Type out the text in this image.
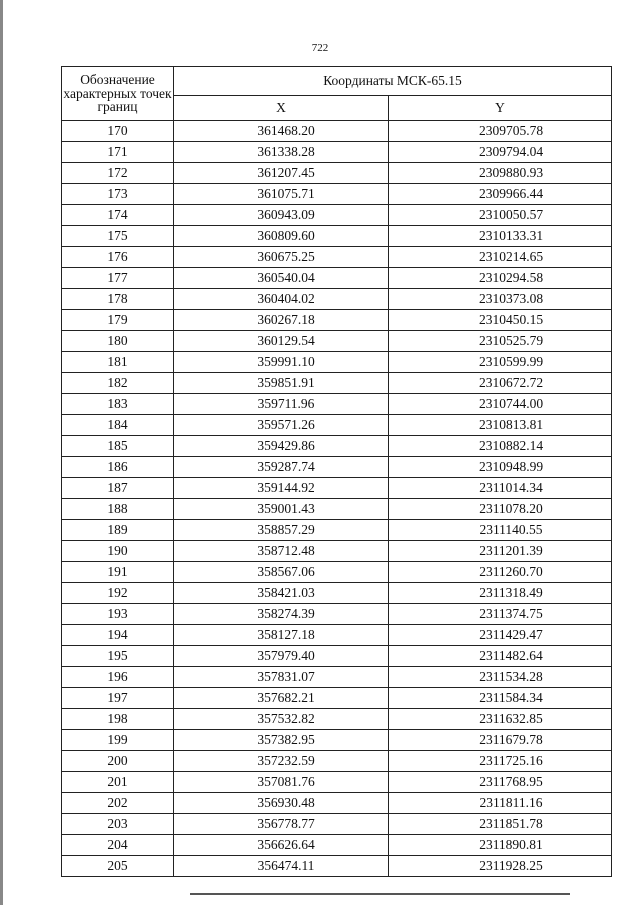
722
Обозначение характерных точек границ	Координаты МСК-65.15	
	X	Y
170	361468.20	2309705.78
171	361338.28	2309794.04
172	361207.45	2309880.93
173	361075.71	2309966.44
174	360943.09	2310050.57
175	360809.60	2310133.31
176	360675.25	2310214.65
177	360540.04	2310294.58
178	360404.02	2310373.08
179	360267.18	2310450.15
180	360129.54	2310525.79
181	359991.10	2310599.99
182	359851.91	2310672.72
183	359711.96	2310744.00
184	359571.26	2310813.81
185	359429.86	2310882.14
186	359287.74	2310948.99
187	359144.92	2311014.34
188	359001.43	2311078.20
189	358857.29	2311140.55
190	358712.48	2311201.39
191	358567.06	2311260.70
192	358421.03	2311318.49
193	358274.39	2311374.75
194	358127.18	2311429.47
195	357979.40	2311482.64
196	357831.07	2311534.28
197	357682.21	2311584.34
198	357532.82	2311632.85
199	357382.95	2311679.78
200	357232.59	2311725.16
201	357081.76	2311768.95
202	356930.48	2311811.16
203	356778.77	2311851.78
204	356626.64	2311890.81
205	356474.11	2311928.25
